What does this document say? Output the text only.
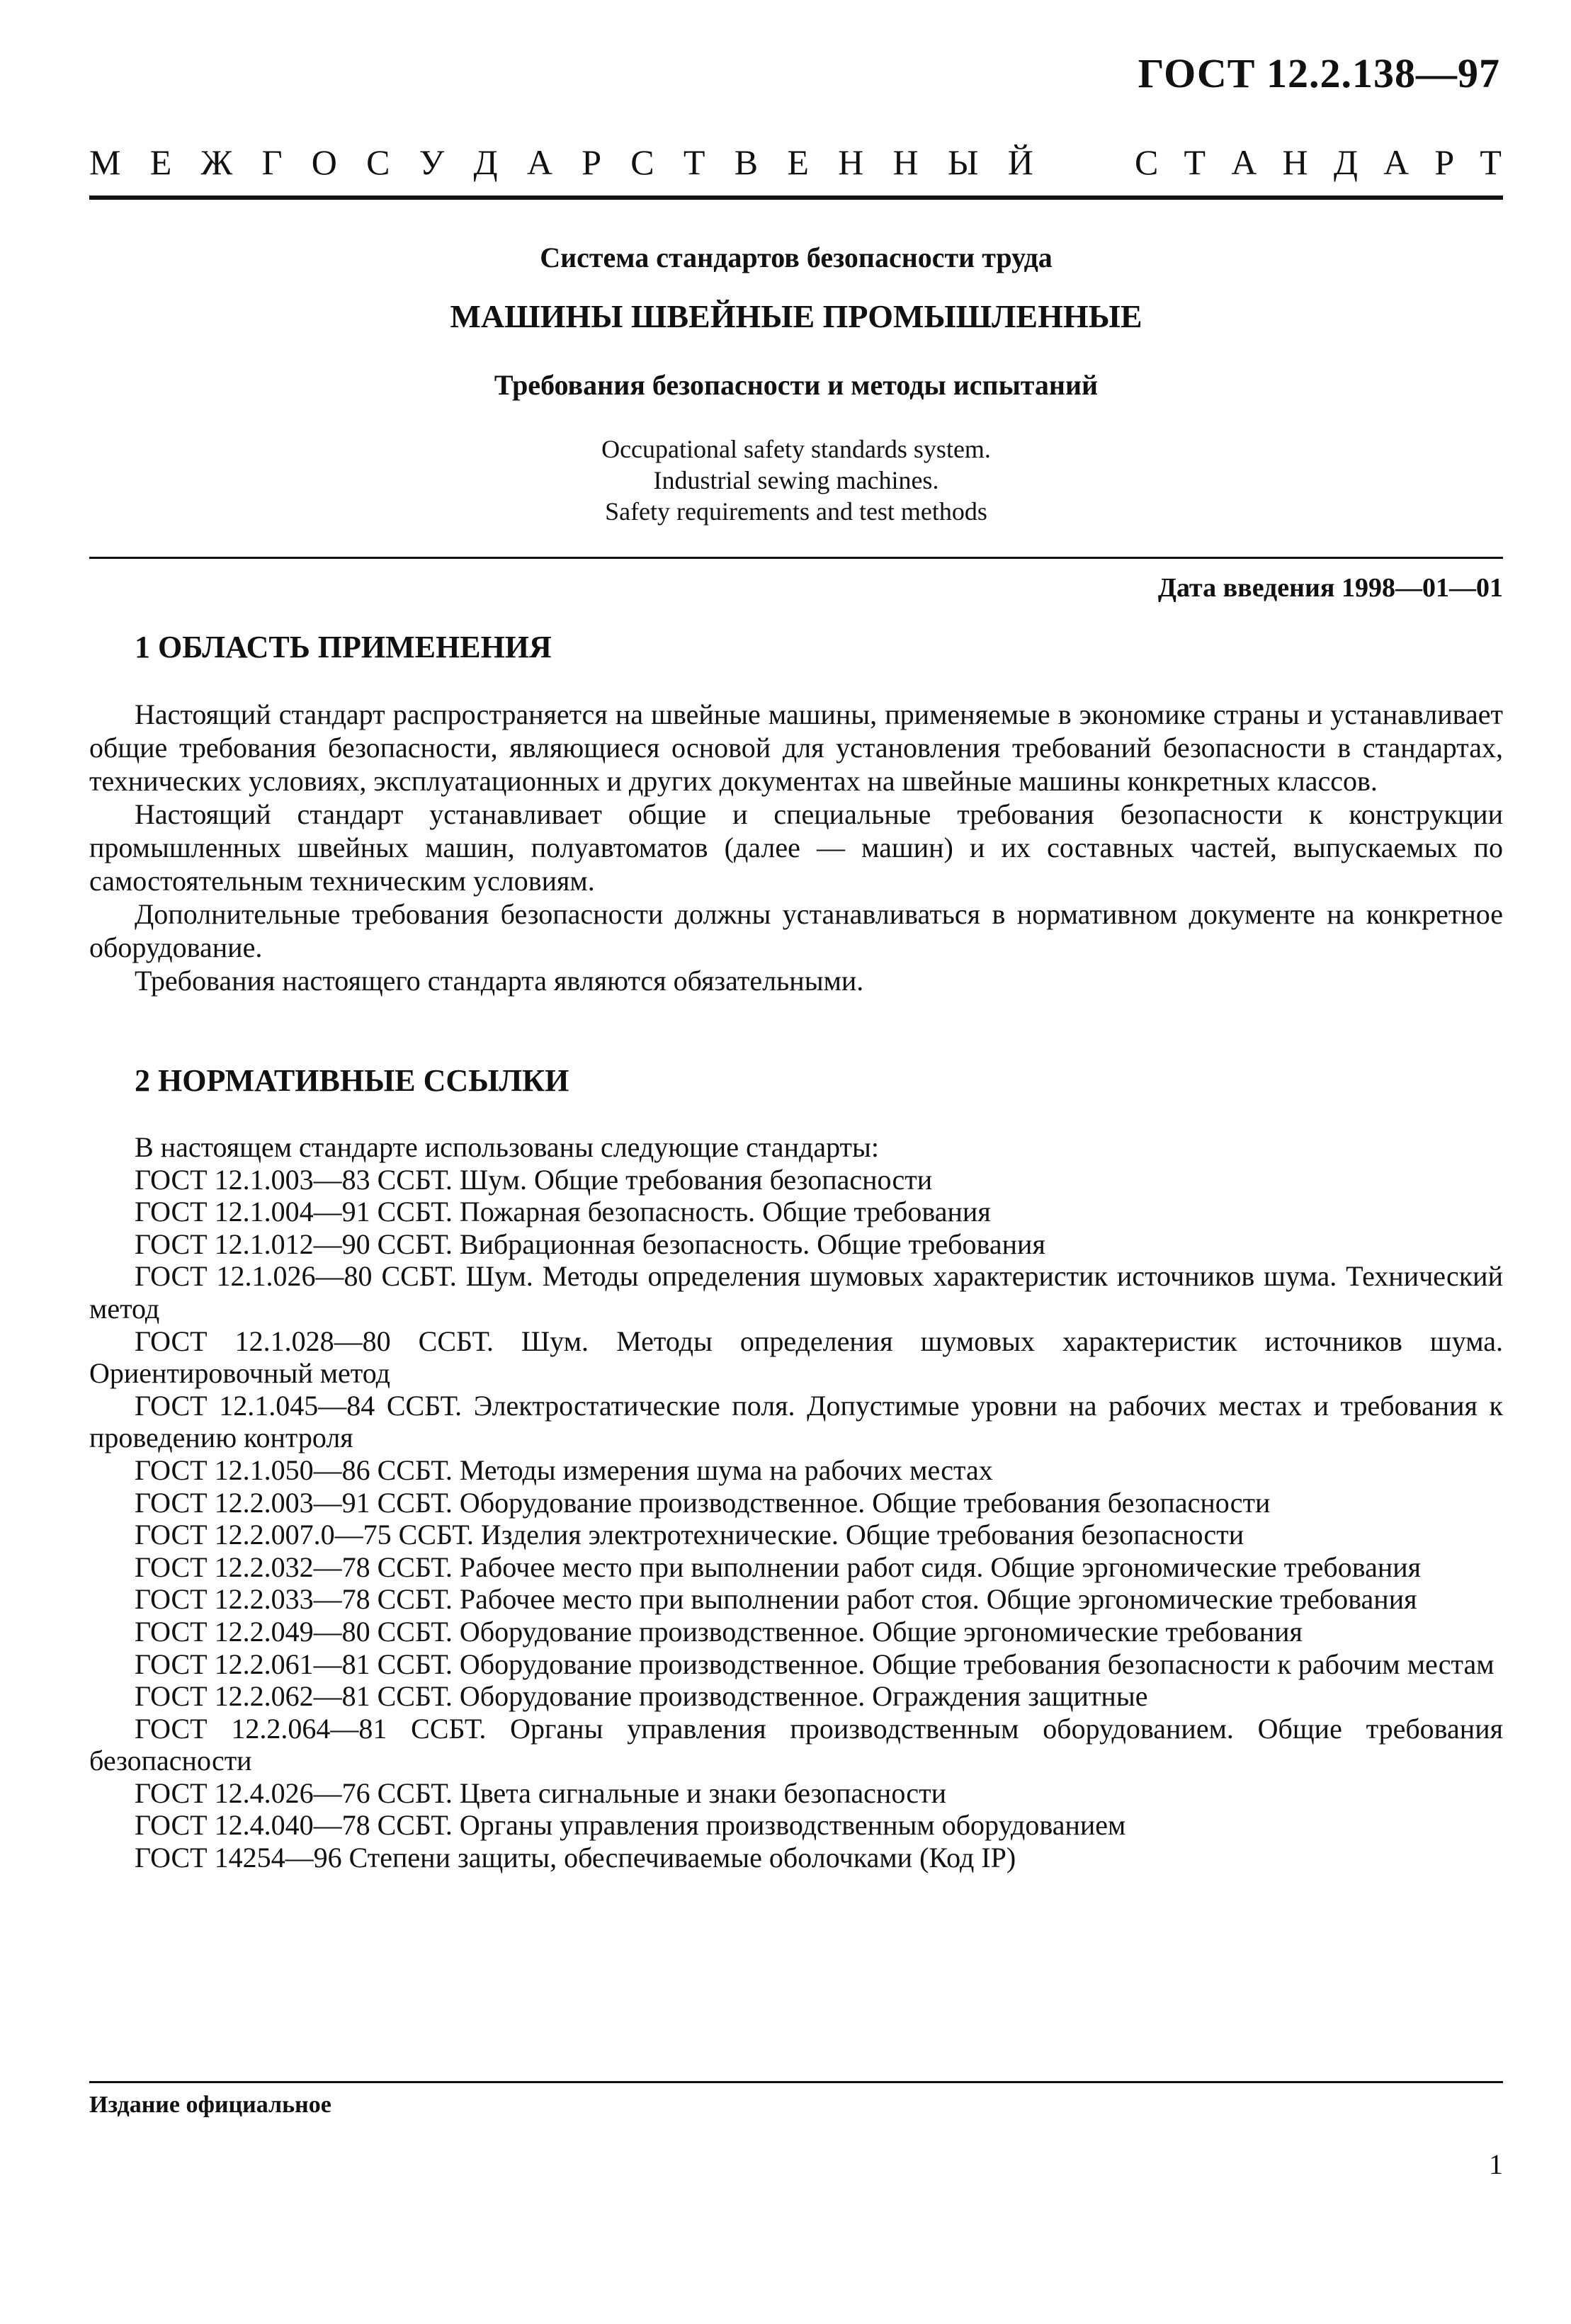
ГОСТ 12.2.138—97
М Е Ж Г О С У Д А Р С Т В Е Н Н Ы Й	С Т А Н Д А Р Т
Система стандартов безопасности труда
МАШИНЫ ШВЕЙНЫЕ ПРОМЫШЛЕННЫЕ
Требования безопасности и методы испытаний
Occupational safety standards system.
Industrial sewing machines.
Safety requirements and test methods
Дата введения 1998—01—01
1 ОБЛАСТЬ ПРИМЕНЕНИЯ

Настоящий стандарт распространяется на швейные машины, применяемые в экономике страны и устанавливает общие требования безопасности, являющиеся основой для установления требований безопасности в стандартах, технических условиях, эксплуатационных и других документах на швейные машины конкретных классов.

Настоящий стандарт устанавливает общие и специальные требования безопасности к конструкции промышленных швейных машин, полуавтоматов (далее — машин) и их составных частей, выпускаемых по самостоятельным техническим условиям.

Дополнительные требования безопасности должны устанавливаться в нормативном документе на конкретное оборудование.

Требования настоящего стандарта являются обязательными.

2 НОРМАТИВНЫЕ ССЫЛКИ

В настоящем стандарте использованы следующие стандарты:

ГОСТ 12.1.003—83 ССБТ. Шум. Общие требования безопасности

ГОСТ 12.1.004—91 ССБТ. Пожарная безопасность. Общие требования

ГОСТ 12.1.012—90 ССБТ. Вибрационная безопасность. Общие требования

ГОСТ 12.1.026—80 ССБТ. Шум. Методы определения шумовых характеристик источников шума. Технический метод

ГОСТ 12.1.028—80 ССБТ. Шум. Методы определения шумовых характеристик источников шума. Ориентировочный метод

ГОСТ 12.1.045—84 ССБТ. Электростатические поля. Допустимые уровни на рабочих местах и требования к проведению контроля

ГОСТ 12.1.050—86 ССБТ. Методы измерения шума на рабочих местах

ГОСТ 12.2.003—91 ССБТ. Оборудование производственное. Общие требования безопасности

ГОСТ 12.2.007.0—75 ССБТ. Изделия электротехнические. Общие требования безопасности

ГОСТ 12.2.032—78 ССБТ. Рабочее место при выполнении работ сидя. Общие эргономические требования

ГОСТ 12.2.033—78 ССБТ. Рабочее место при выполнении работ стоя. Общие эргономические требования

ГОСТ 12.2.049—80 ССБТ. Оборудование производственное. Общие эргономические требования

ГОСТ 12.2.061—81 ССБТ. Оборудование производственное. Общие требования безопасности к рабочим местам

ГОСТ 12.2.062—81 ССБТ. Оборудование производственное. Ограждения защитные

ГОСТ 12.2.064—81 ССБТ. Органы управления производственным оборудованием. Общие требования безопасности

ГОСТ 12.4.026—76 ССБТ. Цвета сигнальные и знаки безопасности

ГОСТ 12.4.040—78 ССБТ. Органы управления производственным оборудованием

ГОСТ 14254—96 Степени защиты, обеспечиваемые оболочками (Код IP)

Издание официальное
1
